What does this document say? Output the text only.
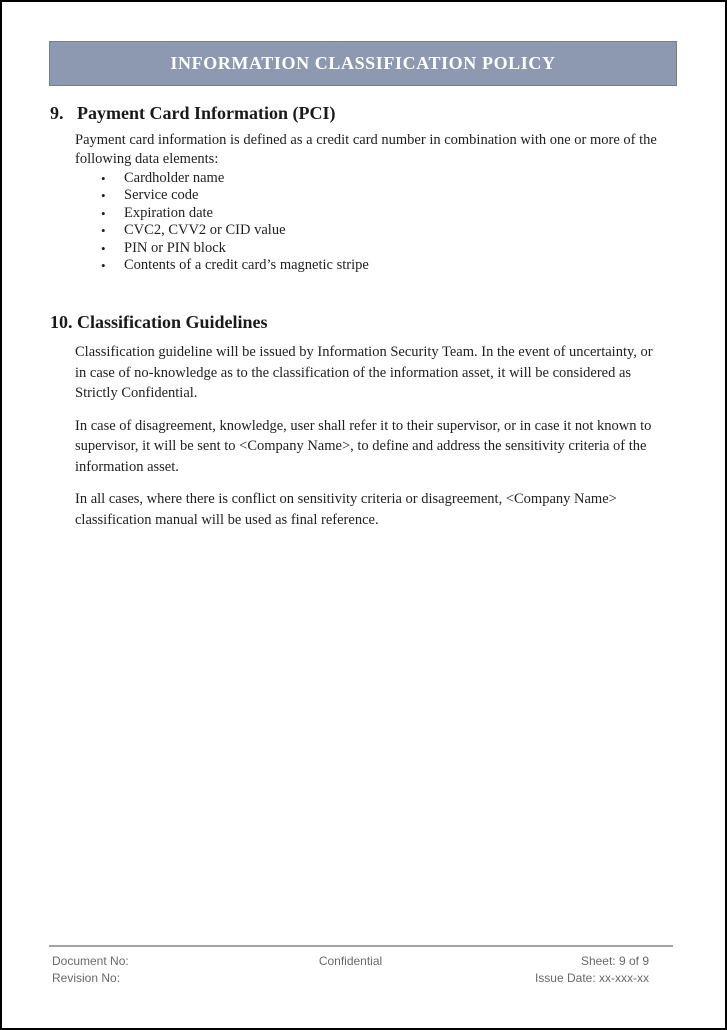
INFORMATION CLASSIFICATION POLICY
9. Payment Card Information (PCI)

Payment card information is defined as a credit card number in combination with one or more of the following data elements:

• Cardholder name
• Service code
• Expiration date
• CVC2, CVV2 or CID value
• PIN or PIN block
• Contents of a credit card’s magnetic stripe
10. Classification Guidelines

Classification guideline will be issued by Information Security Team. In the event of uncertainty, or in case of no-knowledge as to the classification of the information asset, it will be considered as Strictly Confidential.

In case of disagreement, knowledge, user shall refer it to their supervisor, or in case it not known to supervisor, it will be sent to <Company Name>, to define and address the sensitivity criteria of the information asset.

In all cases, where there is conflict on sensitivity criteria or disagreement, <Company Name> classification manual will be used as final reference.

Document No:
Revision No:
Confidential	Sheet: 9 of 9
Issue Date: xx-xxx-xx
